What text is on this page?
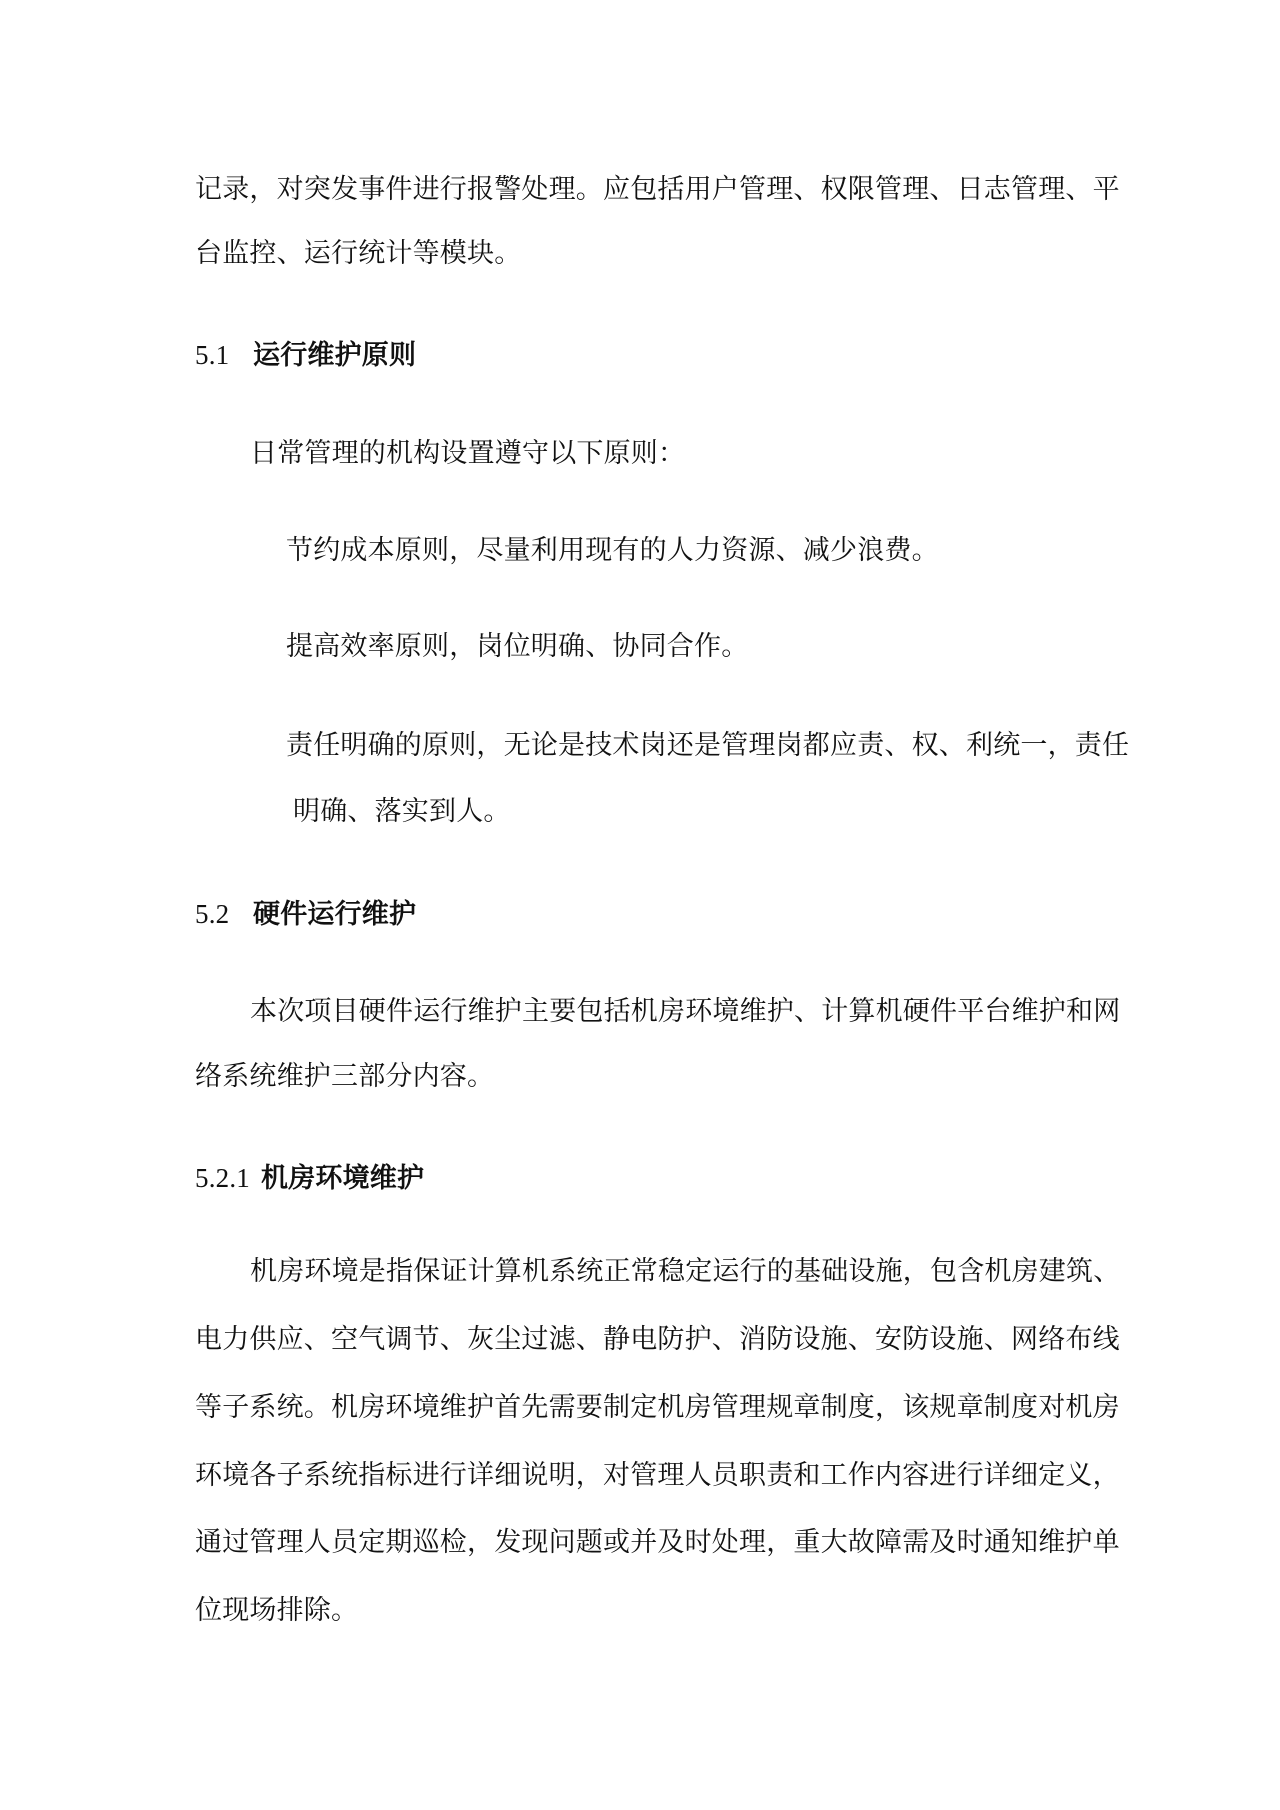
记录，对突发事件进行报警处理。应包括用户管理、权限管理、日志管理、平
台监控、运行统计等模块。
5.1 运行维护原则
日常管理的机构设置遵守以下原则：
节约成本原则，尽量利用现有的人力资源、减少浪费。
提高效率原则，岗位明确、协同合作。
责任明确的原则，无论是技术岗还是管理岗都应责、权、利统一，责任
明确、落实到人。
5.2 硬件运行维护
本次项目硬件运行维护主要包括机房环境维护、计算机硬件平台维护和网
络系统维护三部分内容。
5.2.1 机房环境维护
机房环境是指保证计算机系统正常稳定运行的基础设施，包含机房建筑、
电力供应、空气调节、灰尘过滤、静电防护、消防设施、安防设施、网络布线
等子系统。机房环境维护首先需要制定机房管理规章制度，该规章制度对机房
环境各子系统指标进行详细说明，对管理人员职责和工作内容进行详细定义，
通过管理人员定期巡检，发现问题或并及时处理，重大故障需及时通知维护单
位现场排除。
